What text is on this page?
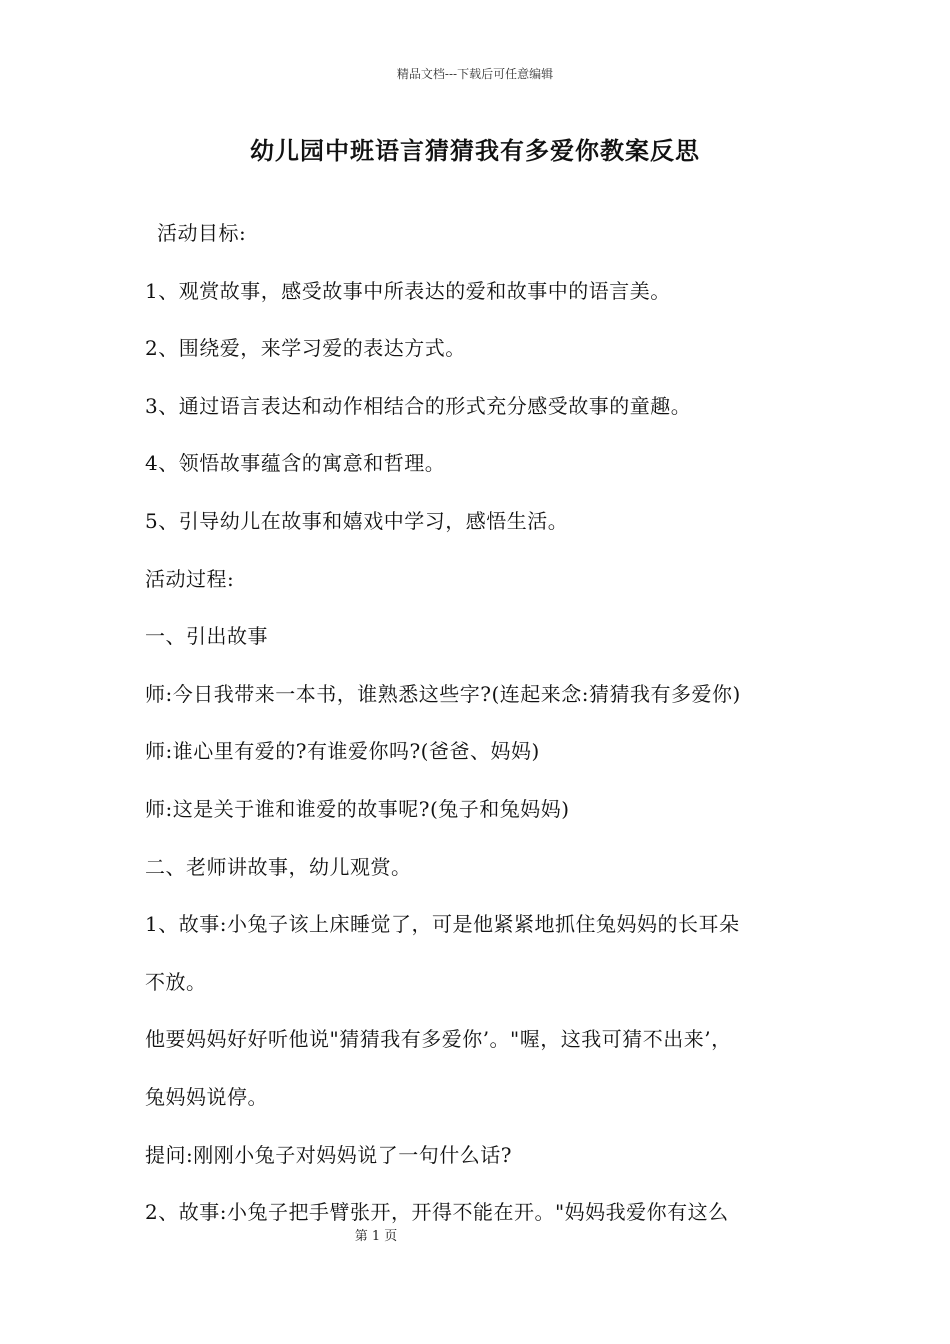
精品文档---下载后可任意编辑
幼儿园中班语言猜猜我有多爱你教案反思
活动目标:
1、观赏故事，感受故事中所表达的爱和故事中的语言美。
2、围绕爱，来学习爱的表达方式。
3、通过语言表达和动作相结合的形式充分感受故事的童趣。
4、领悟故事蕴含的寓意和哲理。
5、引导幼儿在故事和嬉戏中学习，感悟生活。
活动过程:
一、引出故事
师:今日我带来一本书，谁熟悉这些字?(连起来念:猜猜我有多爱你)
师:谁心里有爱的?有谁爱你吗?(爸爸、妈妈)
师:这是关于谁和谁爱的故事呢?(兔子和兔妈妈)
二、老师讲故事，幼儿观赏。
1、故事:小兔子该上床睡觉了，可是他紧紧地抓住兔妈妈的长耳朵
不放。
他要妈妈好好听他说"猜猜我有多爱你’。"喔，这我可猜不出来’，
兔妈妈说停。
提问:刚刚小兔子对妈妈说了一句什么话?
2、故事:小兔子把手臂张开，开得不能在开。"妈妈我爱你有这么
第 1 页
